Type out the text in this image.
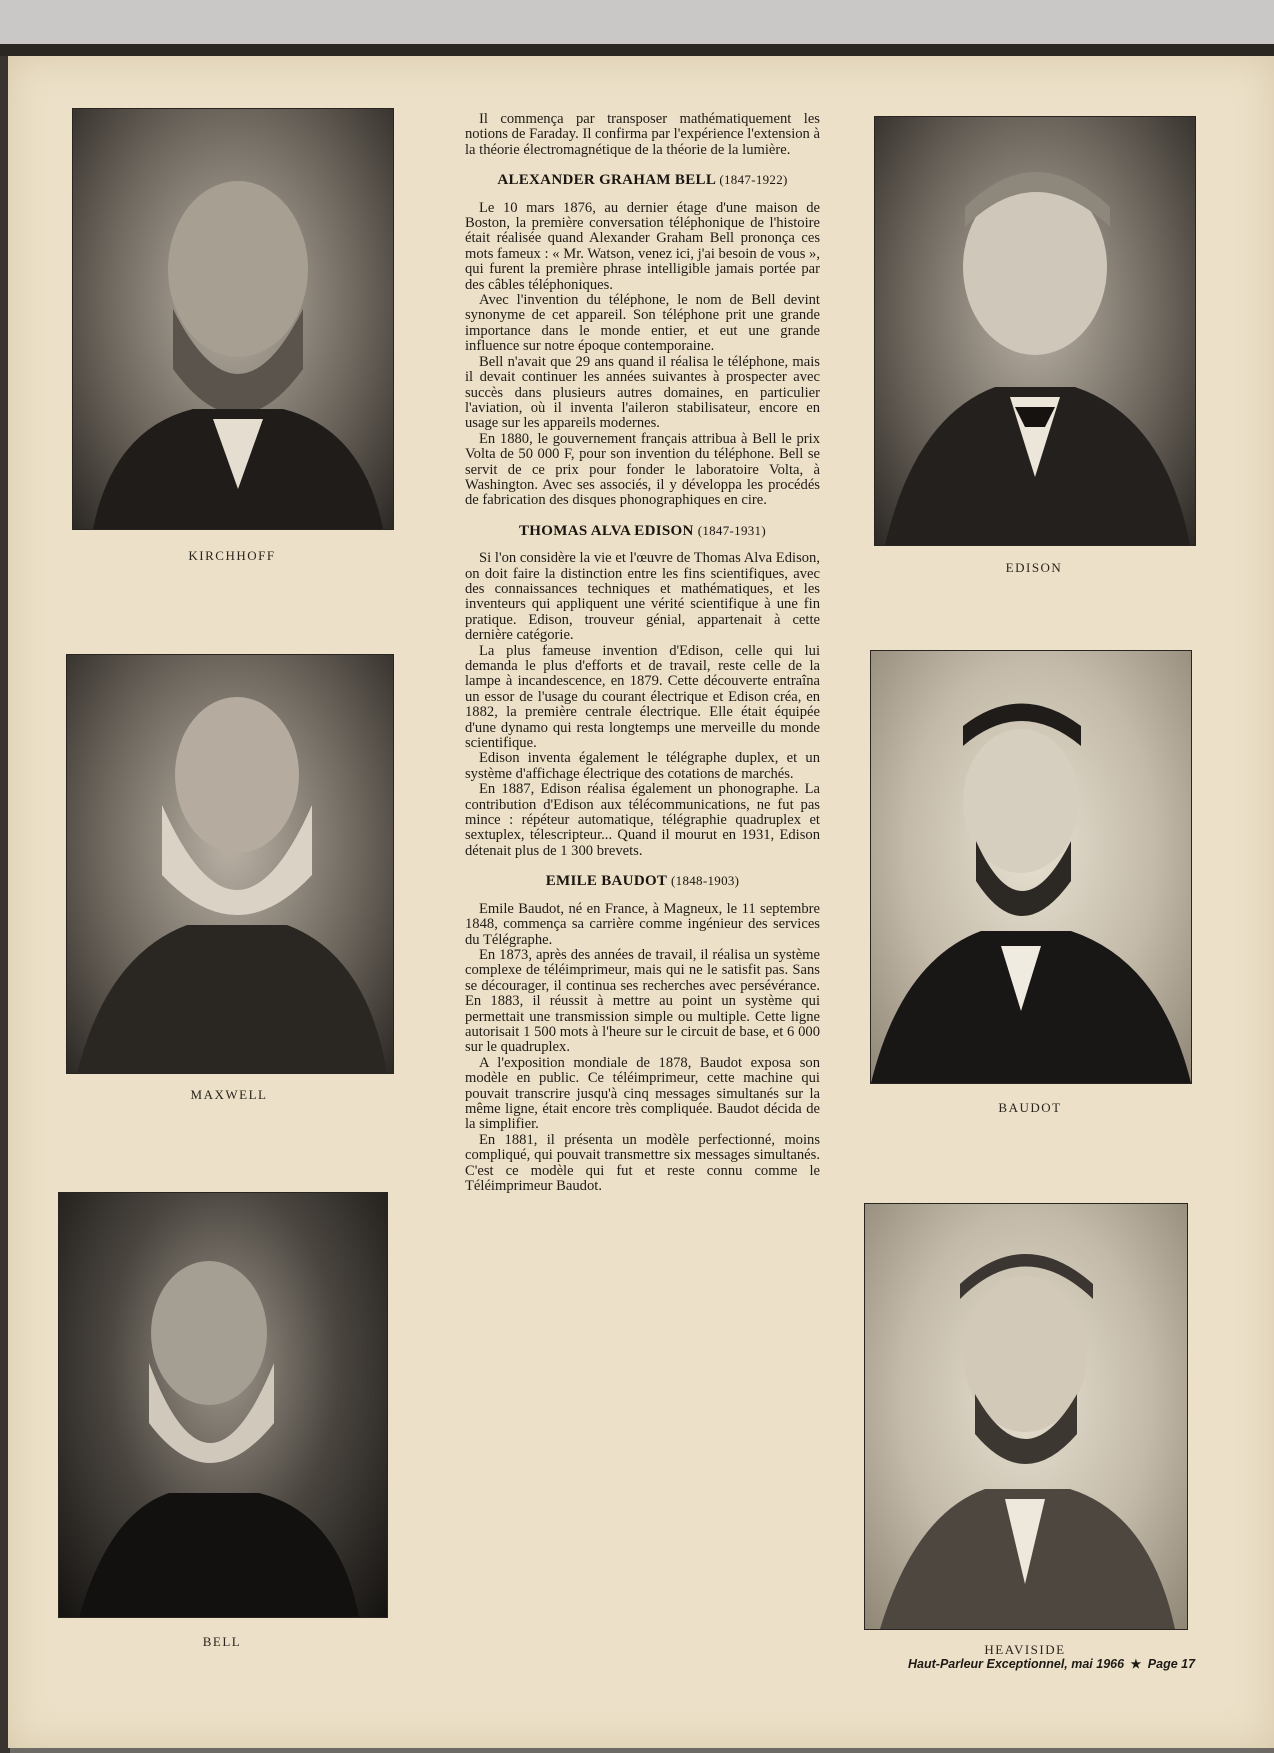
KIRCHHOFF
MAXWELL
BELL
EDISON
BAUDOT
HEAVISIDE

Il commença par transposer mathématiquement les notions de Faraday. Il confirma par l'expérience l'extension à la théorie électromagnétique de la théorie de la lumière.

ALEXANDER GRAHAM BELL (1847-1922)

Le 10 mars 1876, au dernier étage d'une maison de Boston, la première conversation téléphonique de l'histoire était réalisée quand Alexander Graham Bell prononça ces mots fameux : « Mr. Watson, venez ici, j'ai besoin de vous », qui furent la première phrase intelligible jamais portée par des câbles téléphoniques.

Avec l'invention du téléphone, le nom de Bell devint synonyme de cet appareil. Son téléphone prit une grande importance dans le monde entier, et eut une grande influence sur notre époque contemporaine.

Bell n'avait que 29 ans quand il réalisa le téléphone, mais il devait continuer les années suivantes à prospecter avec succès dans plusieurs autres domaines, en particulier l'aviation, où il inventa l'aileron stabilisateur, encore en usage sur les appareils modernes.

En 1880, le gouvernement français attribua à Bell le prix Volta de 50 000 F, pour son invention du téléphone. Bell se servit de ce prix pour fonder le laboratoire Volta, à Washington. Avec ses associés, il y développa les procédés de fabrication des disques phonographiques en cire.

THOMAS ALVA EDISON (1847-1931)

Si l'on considère la vie et l'œuvre de Thomas Alva Edison, on doit faire la distinction entre les fins scientifiques, avec des connaissances techniques et mathématiques, et les inventeurs qui appliquent une vérité scientifique à une fin pratique. Edison, trouveur génial, appartenait à cette dernière catégorie.

La plus fameuse invention d'Edison, celle qui lui demanda le plus d'efforts et de travail, reste celle de la lampe à incandescence, en 1879. Cette découverte entraîna un essor de l'usage du courant électrique et Edison créa, en 1882, la première centrale électrique. Elle était équipée d'une dynamo qui resta longtemps une merveille du monde scientifique.

Edison inventa également le télégraphe duplex, et un système d'affichage électrique des cotations de marchés.

En 1887, Edison réalisa également un phonographe. La contribution d'Edison aux télécommunications, ne fut pas mince : répéteur automatique, télégraphie quadruplex et sextuplex, télescripteur... Quand il mourut en 1931, Edison détenait plus de 1 300 brevets.

EMILE BAUDOT (1848-1903)

Emile Baudot, né en France, à Magneux, le 11 septembre 1848, commença sa carrière comme ingénieur des services du Télégraphe.

En 1873, après des années de travail, il réalisa un système complexe de téléimprimeur, mais qui ne le satisfit pas. Sans se décourager, il continua ses recherches avec persévérance. En 1883, il réussit à mettre au point un système qui permettait une transmission simple ou multiple. Cette ligne autorisait 1 500 mots à l'heure sur le circuit de base, et 6 000 sur le quadruplex.

A l'exposition mondiale de 1878, Baudot exposa son modèle en public. Ce téléimprimeur, cette machine qui pouvait transcrire jusqu'à cinq messages simultanés sur la même ligne, était encore très compliquée. Baudot décida de la simplifier.

En 1881, il présenta un modèle perfectionné, moins compliqué, qui pouvait transmettre six messages simultanés. C'est ce modèle qui fut et reste connu comme le Téléimprimeur Baudot.

Haut-Parleur Exceptionnel, mai 1966 ★ Page 17
